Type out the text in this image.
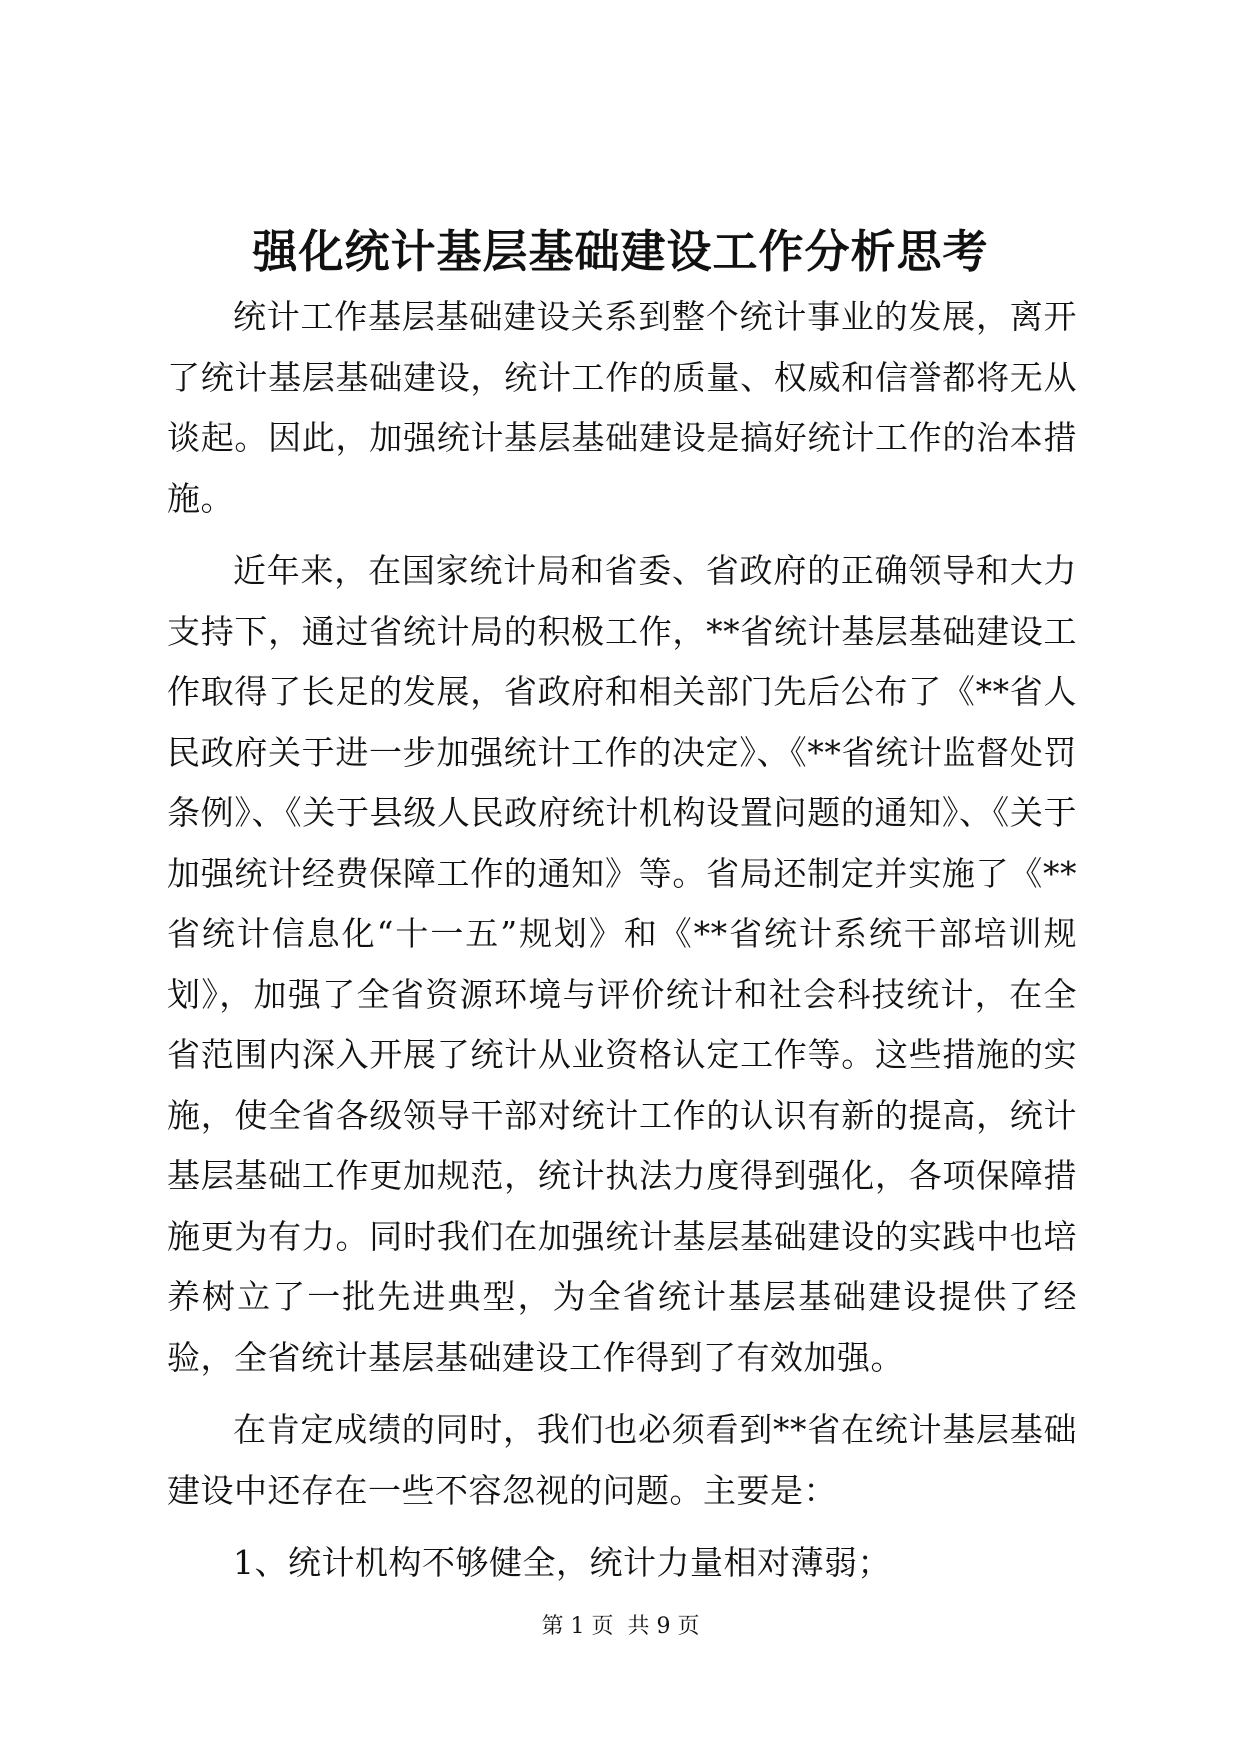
强化统计基层基础建设工作分析思考

统计工作基层基础建设关系到整个统计事业的发展，离开了统计基层基础建设，统计工作的质量、权威和信誉都将无从谈起。因此，加强统计基层基础建设是搞好统计工作的治本措施。

近年来，在国家统计局和省委、省政府的正确领导和大力支持下，通过省统计局的积极工作，**省统计基层基础建设工作取得了长足的发展，省政府和相关部门先后公布了《**省人民政府关于进一步加强统计工作的决定》、《**省统计监督处罚条例》、《关于县级人民政府统计机构设置问题的通知》、《关于加强统计经费保障工作的通知》等。省局还制定并实施了《**省统计信息化“十一五”规划》和《**省统计系统干部培训规划》，加强了全省资源环境与评价统计和社会科技统计，在全省范围内深入开展了统计从业资格认定工作等。这些措施的实施，使全省各级领导干部对统计工作的认识有新的提高，统计基层基础工作更加规范，统计执法力度得到强化，各项保障措施更为有力。同时我们在加强统计基层基础建设的实践中也培养树立了一批先进典型，为全省统计基层基础建设提供了经验，全省统计基层基础建设工作得到了有效加强。

在肯定成绩的同时，我们也必须看到**省在统计基层基础建设中还存在一些不容忽视的问题。主要是：

1、统计机构不够健全，统计力量相对薄弱；

第 1 页  共 9 页
